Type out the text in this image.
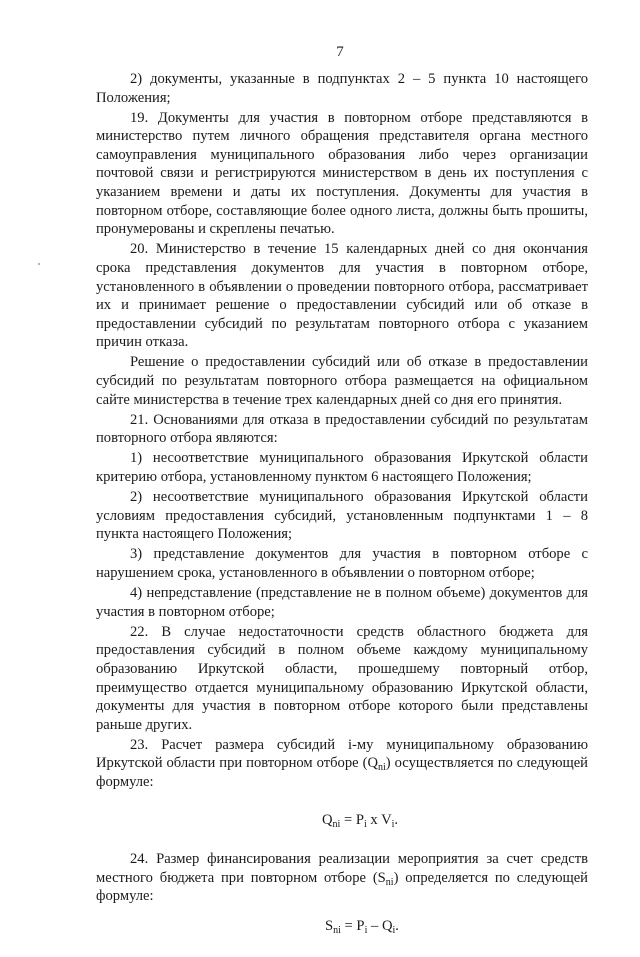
7

2) документы, указанные в подпунктах 2 – 5 пункта 10 настоящего Положения;

19. Документы для участия в повторном отборе представляются в министерство путем личного обращения представителя органа местного самоуправления муниципального образования либо через организации почтовой связи и регистрируются министерством в день их поступления с указанием времени и даты их поступления. Документы для участия в повторном отборе, составляющие более одного листа, должны быть прошиты, пронумерованы и скреплены печатью.

20. Министерство в течение 15 календарных дней со дня окончания срока представления документов для участия в повторном отборе, установленного в объявлении о проведении повторного отбора, рассматривает их и принимает решение о предоставлении субсидий или об отказе в предоставлении субсидий по результатам повторного отбора с указанием причин отказа.

Решение о предоставлении субсидий или об отказе в предоставлении субсидий по результатам повторного отбора размещается на официальном сайте министерства в течение трех календарных дней со дня его принятия.

21. Основаниями для отказа в предоставлении субсидий по результатам повторного отбора являются:

1) несоответствие муниципального образования Иркутской области критерию отбора, установленному пунктом 6 настоящего Положения;

2) несоответствие муниципального образования Иркутской области условиям предоставления субсидий, установленным подпунктами 1 – 8 пункта настоящего Положения;

3) представление документов для участия в повторном отборе с нарушением срока, установленного в объявлении о повторном отборе;

4) непредставление (представление не в полном объеме) документов для участия в повторном отборе;

22. В случае недостаточности средств областного бюджета для предоставления субсидий в полном объеме каждому муниципальному образованию Иркутской области, прошедшему повторный отбор, преимущество отдается муниципальному образованию Иркутской области, документы для участия в повторном отборе которого были представлены раньше других.

23. Расчет размера субсидий i-му муниципальному образованию Иркутской области при повторном отборе $(Q_{ni})$ осуществляется по следующей формуле:

$Q_{ni} = P_i$ x $V_i$.

24. Размер финансирования реализации мероприятия за счет средств местного бюджета при повторном отборе $(S_{ni})$ определяется по следующей формуле:

$S_{ni} = P_i - Q_i$.
